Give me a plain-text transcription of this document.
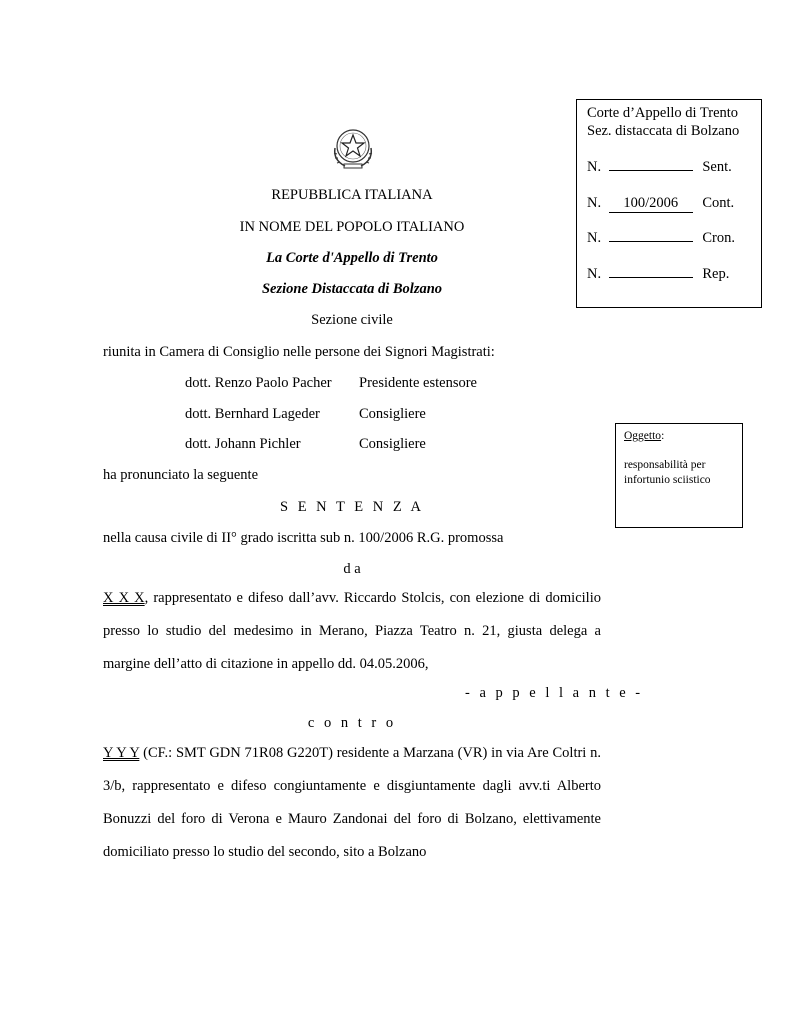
REPUBBLICA ITALIANA
IN NOME DEL POPOLO ITALIANO
La Corte d'Appello di Trento
Sezione Distaccata di Bolzano
Sezione civile
Corte d’Appello di Trento
Sez. distaccata di Bolzano
N.	Sent.
N. 100/2006 Cont.
N.	Cron.
N.	Rep.
riunita in Camera di Consiglio nelle persone dei Signori Magistrati:
dott. Renzo Paolo Pacher Presidente estensore
dott. Bernhard Lageder	Consigliere
dott. Johann Pichler	Consigliere	Oggetto:
responsabilità per
infortunio sciistico
ha pronunciato la seguente
S E N T E N Z A
nella causa civile di II° grado iscritta sub n. 100/2006 R.G. promossa
d a

X X X, rappresentato e difeso dall’avv. Riccardo Stolcis, con elezione di domicilio presso lo studio del medesimo in Merano, Piazza Teatro n. 21, giusta delega a margine dell’atto di citazione in appello dd. 04.05.2006,

- a p p e l l a n t e -
c o n t r o

Y Y Y (CF.: SMT GDN 71R08 G220T) residente a Marzana (VR) in via Are Coltri n. 3/b, rappresentato e difeso congiuntamente e disgiuntamente dagli avv.ti Alberto Bonuzzi del foro di Verona e Mauro Zandonai del foro di Bolzano, elettivamente domiciliato presso lo studio del secondo, sito a Bolzano
